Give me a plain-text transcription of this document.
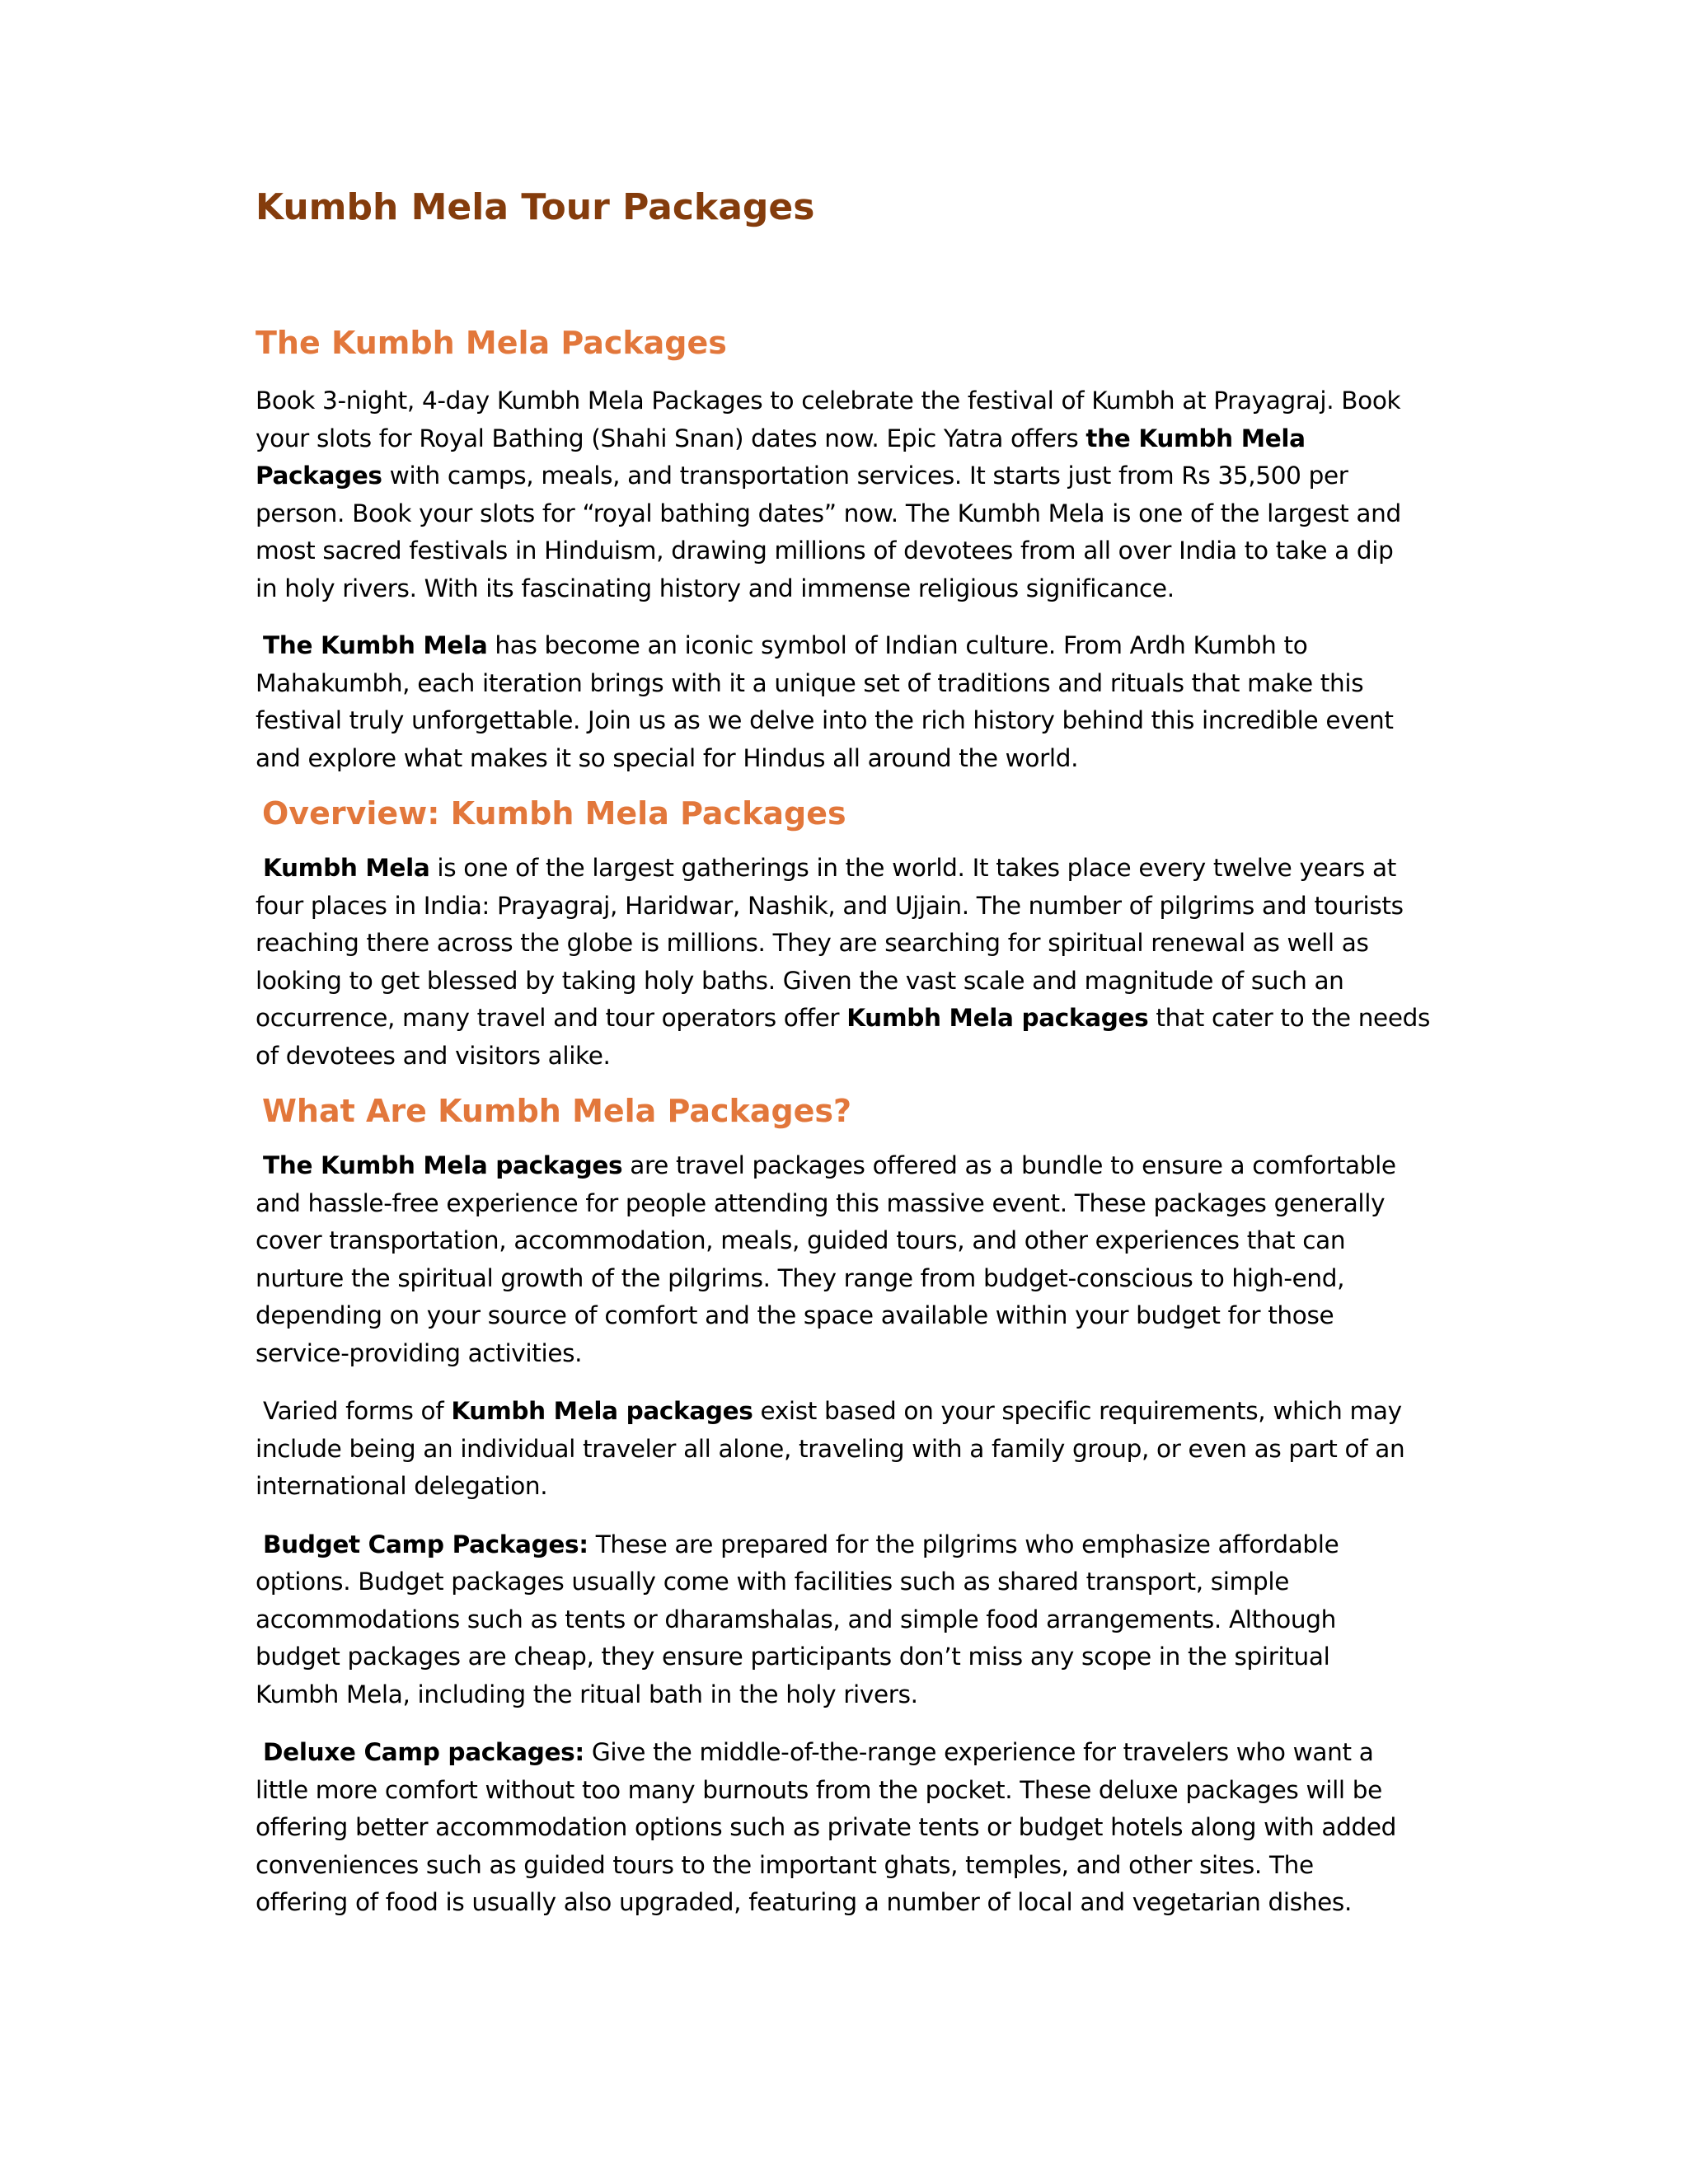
Kumbh Mela Tour Packages
The Kumbh Mela Packages
Book 3-night, 4-day Kumbh Mela Packages to celebrate the festival of Kumbh at Prayagraj. Book
your slots for Royal Bathing (Shahi Snan) dates now. Epic Yatra offers the Kumbh Mela
Packages with camps, meals, and transportation services. It starts just from Rs 35,500 per
person. Book your slots for “royal bathing dates” now. The Kumbh Mela is one of the largest and
most sacred festivals in Hinduism, drawing millions of devotees from all over India to take a dip
in holy rivers. With its fascinating history and immense religious significance.
The Kumbh Mela has become an iconic symbol of Indian culture. From Ardh Kumbh to
Mahakumbh, each iteration brings with it a unique set of traditions and rituals that make this
festival truly unforgettable. Join us as we delve into the rich history behind this incredible event
and explore what makes it so special for Hindus all around the world.
Overview: Kumbh Mela Packages
Kumbh Mela is one of the largest gatherings in the world. It takes place every twelve years at
four places in India: Prayagraj, Haridwar, Nashik, and Ujjain. The number of pilgrims and tourists
reaching there across the globe is millions. They are searching for spiritual renewal as well as
looking to get blessed by taking holy baths. Given the vast scale and magnitude of such an
occurrence, many travel and tour operators offer Kumbh Mela packages that cater to the needs
of devotees and visitors alike.
What Are Kumbh Mela Packages?
The Kumbh Mela packages are travel packages offered as a bundle to ensure a comfortable
and hassle-free experience for people attending this massive event. These packages generally
cover transportation, accommodation, meals, guided tours, and other experiences that can
nurture the spiritual growth of the pilgrims. They range from budget-conscious to high-end,
depending on your source of comfort and the space available within your budget for those
service-providing activities.
Varied forms of Kumbh Mela packages exist based on your specific requirements, which may
include being an individual traveler all alone, traveling with a family group, or even as part of an
international delegation.
Budget Camp Packages: These are prepared for the pilgrims who emphasize affordable
options. Budget packages usually come with facilities such as shared transport, simple
accommodations such as tents or dharamshalas, and simple food arrangements. Although
budget packages are cheap, they ensure participants don’t miss any scope in the spiritual
Kumbh Mela, including the ritual bath in the holy rivers.
Deluxe Camp packages: Give the middle-of-the-range experience for travelers who want a
little more comfort without too many burnouts from the pocket. These deluxe packages will be
offering better accommodation options such as private tents or budget hotels along with added
conveniences such as guided tours to the important ghats, temples, and other sites. The
offering of food is usually also upgraded, featuring a number of local and vegetarian dishes.
